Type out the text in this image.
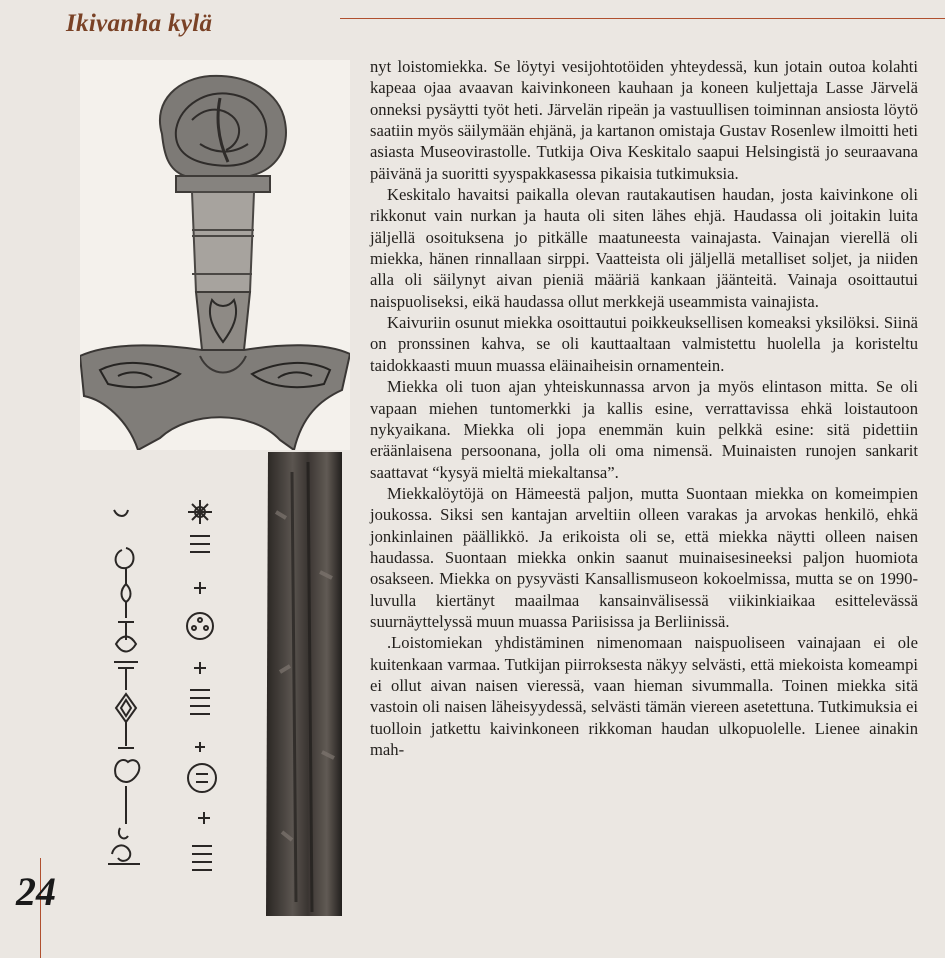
Ikivanha kylä
24

nyt loistomiekka. Se löytyi vesijohtotöiden yhteydessä, kun jotain outoa kolahti kapeaa ojaa avaavan kaivinkoneen kauhaan ja koneen kuljettaja Lasse Järvelä onneksi pysäytti työt heti. Järvelän ripeän ja vastuullisen toiminnan ansiosta löytö saatiin myös säilymään ehjänä, ja kartanon omistaja Gustav Rosenlew ilmoitti heti asiasta Museovirastolle. Tutkija Oiva Keskitalo saapui Helsingistä jo seuraavana päivänä ja suoritti syyspakkasessa pikaisia tutkimuksia.

Keskitalo havaitsi paikalla olevan rautakautisen haudan, josta kaivinkone oli rikkonut vain nurkan ja hauta oli siten lähes ehjä. Haudassa oli joitakin luita jäljellä osoituksena jo pitkälle maatuneesta vainajasta. Vainajan vierellä oli miekka, hänen rinnallaan sirppi. Vaatteista oli jäljellä metalliset soljet, ja niiden alla oli säilynyt aivan pieniä määriä kankaan jäänteitä. Vainaja osoittautui naispuoliseksi, eikä haudassa ollut merkkejä useammista vainajista.

Kaivuriin osunut miekka osoittautui poikkeuksellisen komeaksi yksilöksi. Siinä on pronssinen kahva, se oli kauttaaltaan valmistettu huolella ja koristeltu taidokkaasti muun muassa eläinaiheisin ornamentein.

Miekka oli tuon ajan yhteiskunnassa arvon ja myös elintason mitta. Se oli vapaan miehen tuntomerkki ja kallis esine, verrattavissa ehkä loistautoon nykyaikana. Miekka oli jopa enemmän kuin pelkkä esine: sitä pidettiin eräänlaisena persoonana, jolla oli oma nimensä. Muinaisten runojen sankarit saattavat “kysyä mieltä miekaltansa”.

Miekkalöytöjä on Hämeestä paljon, mutta Suontaan miekka on komeimpien joukossa. Siksi sen kantajan arveltiin olleen varakas ja arvokas henkilö, ehkä jonkinlainen päällikkö. Ja erikoista oli se, että miekka näytti olleen naisen haudassa. Suontaan miekka onkin saanut muinaisesineeksi paljon huomiota osakseen. Miekka on pysyvästi Kansallismuseon kokoelmissa, mutta se on 1990-luvulla kiertänyt maailmaa kansainvälisessä viikinkiaikaa esittelevässä suurnäyttelyssä muun muassa Pariisissa ja Berliinissä.

.Loistomiekan yhdistäminen nimenomaan naispuoliseen vainajaan ei ole kuitenkaan varmaa. Tutkijan piirroksesta näkyy selvästi, että miekoista komeampi ei ollut aivan naisen vieressä, vaan hieman sivummalla. Toinen miekka sitä vastoin oli naisen läheisyydessä, selvästi tämän viereen asetettuna. Tutkimuksia ei tuolloin jatkettu kaivinkoneen rikkoman haudan ulkopuolelle. Lienee ainakin mah-
